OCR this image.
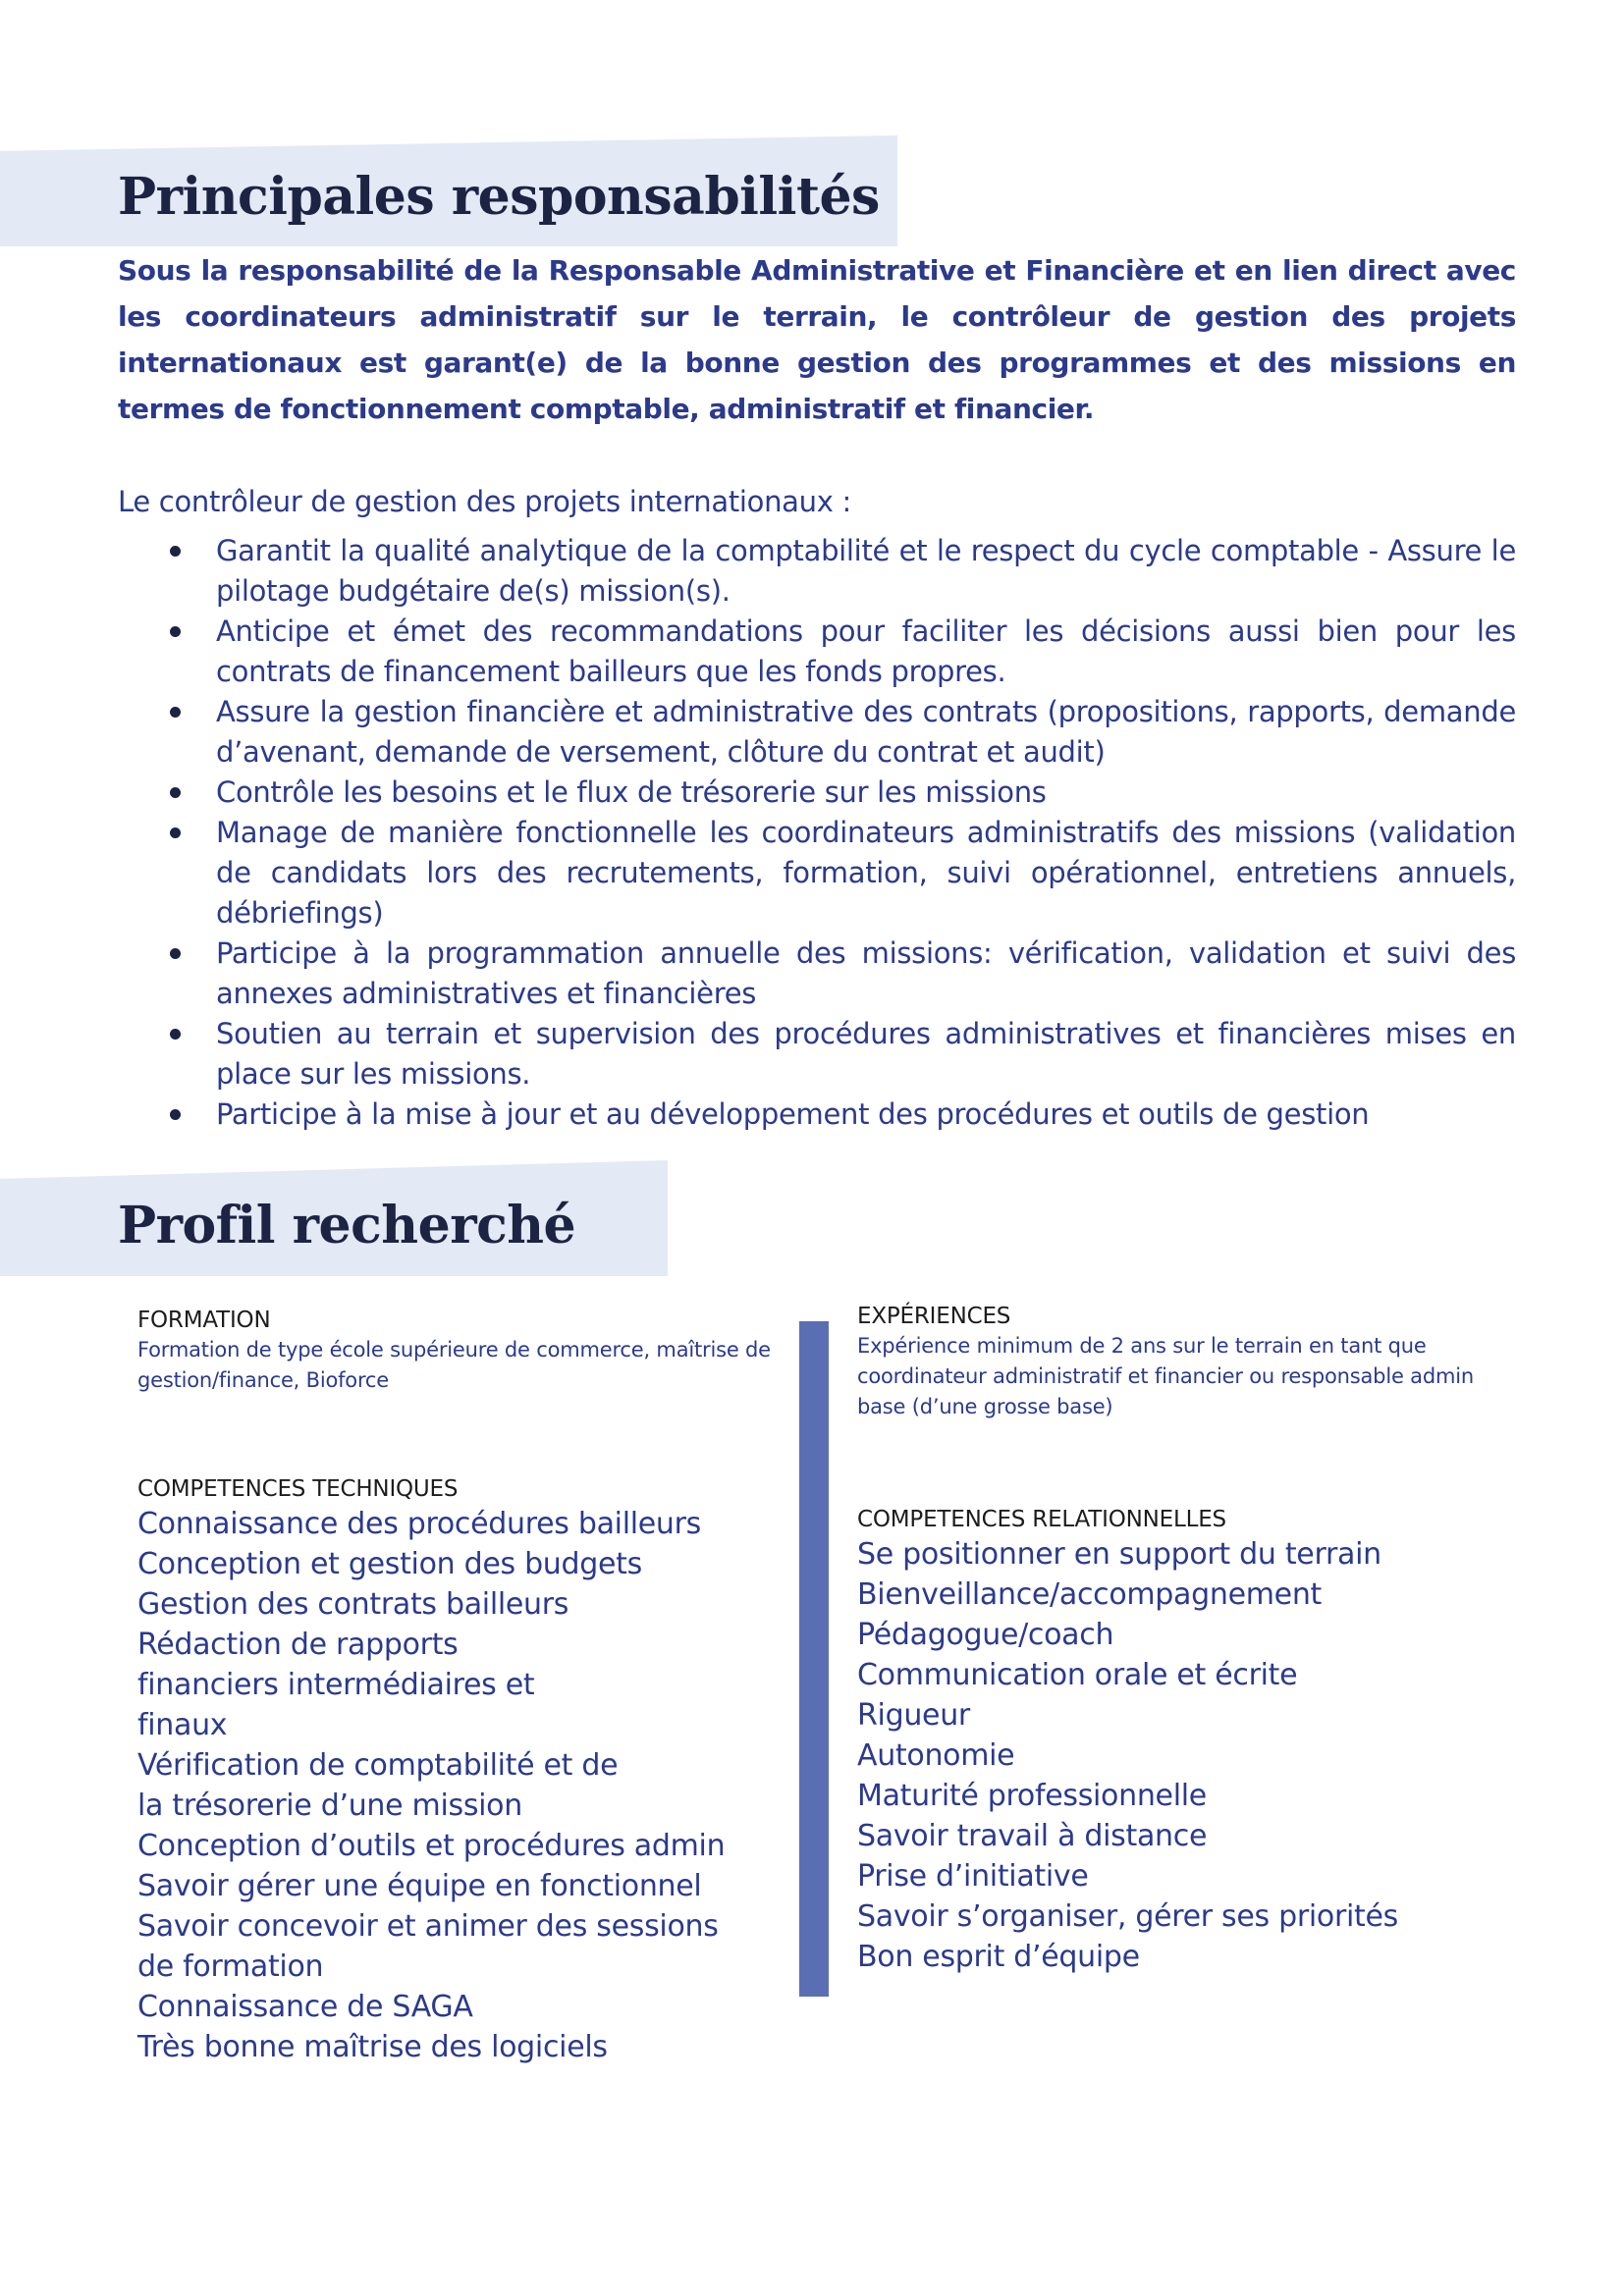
Principales responsabilités

Sous la responsabilité de la Responsable Administrative et Financière et en lien direct avec les coordinateurs administratif sur le terrain, le contrôleur de gestion des projets internationaux est garant(e) de la bonne gestion des programmes et des missions en termes de fonctionnement comptable, administratif et financier.

Le contrôleur de gestion des projets internationaux :
Garantit la qualité analytique de la comptabilité et le respect du cycle comptable - Assure le pilotage budgétaire de(s) mission(s).
Anticipe et émet des recommandations pour faciliter les décisions aussi bien pour les contrats de financement bailleurs que les fonds propres.
Assure la gestion financière et administrative des contrats (propositions, rapports, demande d’avenant, demande de versement, clôture du contrat et audit)
Contrôle les besoins et le flux de trésorerie sur les missions
Manage de manière fonctionnelle les coordinateurs administratifs des missions (validation de candidats lors des recrutements, formation, suivi opérationnel, entretiens annuels, débriefings)
Participe à la programmation annuelle des missions: vérification, validation et suivi des annexes administratives et financières
Soutien au terrain et supervision des procédures administratives et financières mises en place sur les missions.
Participe à la mise à jour et au développement des procédures et outils de gestion
Profil recherché
FORMATION
Formation de type école supérieure de commerce, maîtrise de gestion/finance, Bioforce
COMPETENCES TECHNIQUES
Connaissance des procédures bailleurs
Conception et gestion des budgets
Gestion des contrats bailleurs
Rédaction de rapports financiers intermédiaires et finaux
Vérification de comptabilité et de la trésorerie d’une mission
Conception d’outils et procédures admin
Savoir gérer une équipe en fonctionnel
Savoir concevoir et animer des sessions de formation
Connaissance de SAGA
Très bonne maîtrise des logiciels
EXPÉRIENCES
Expérience minimum de 2 ans sur le terrain en tant que coordinateur administratif et financier ou responsable admin base (d’une grosse base)
COMPETENCES RELATIONNELLES
Se positionner en support du terrain
Bienveillance/accompagnement
Pédagogue/coach
Communication orale et écrite
Rigueur
Autonomie
Maturité professionnelle
Savoir travail à distance
Prise d’initiative
Savoir s’organiser, gérer ses priorités
Bon esprit d’équipe
